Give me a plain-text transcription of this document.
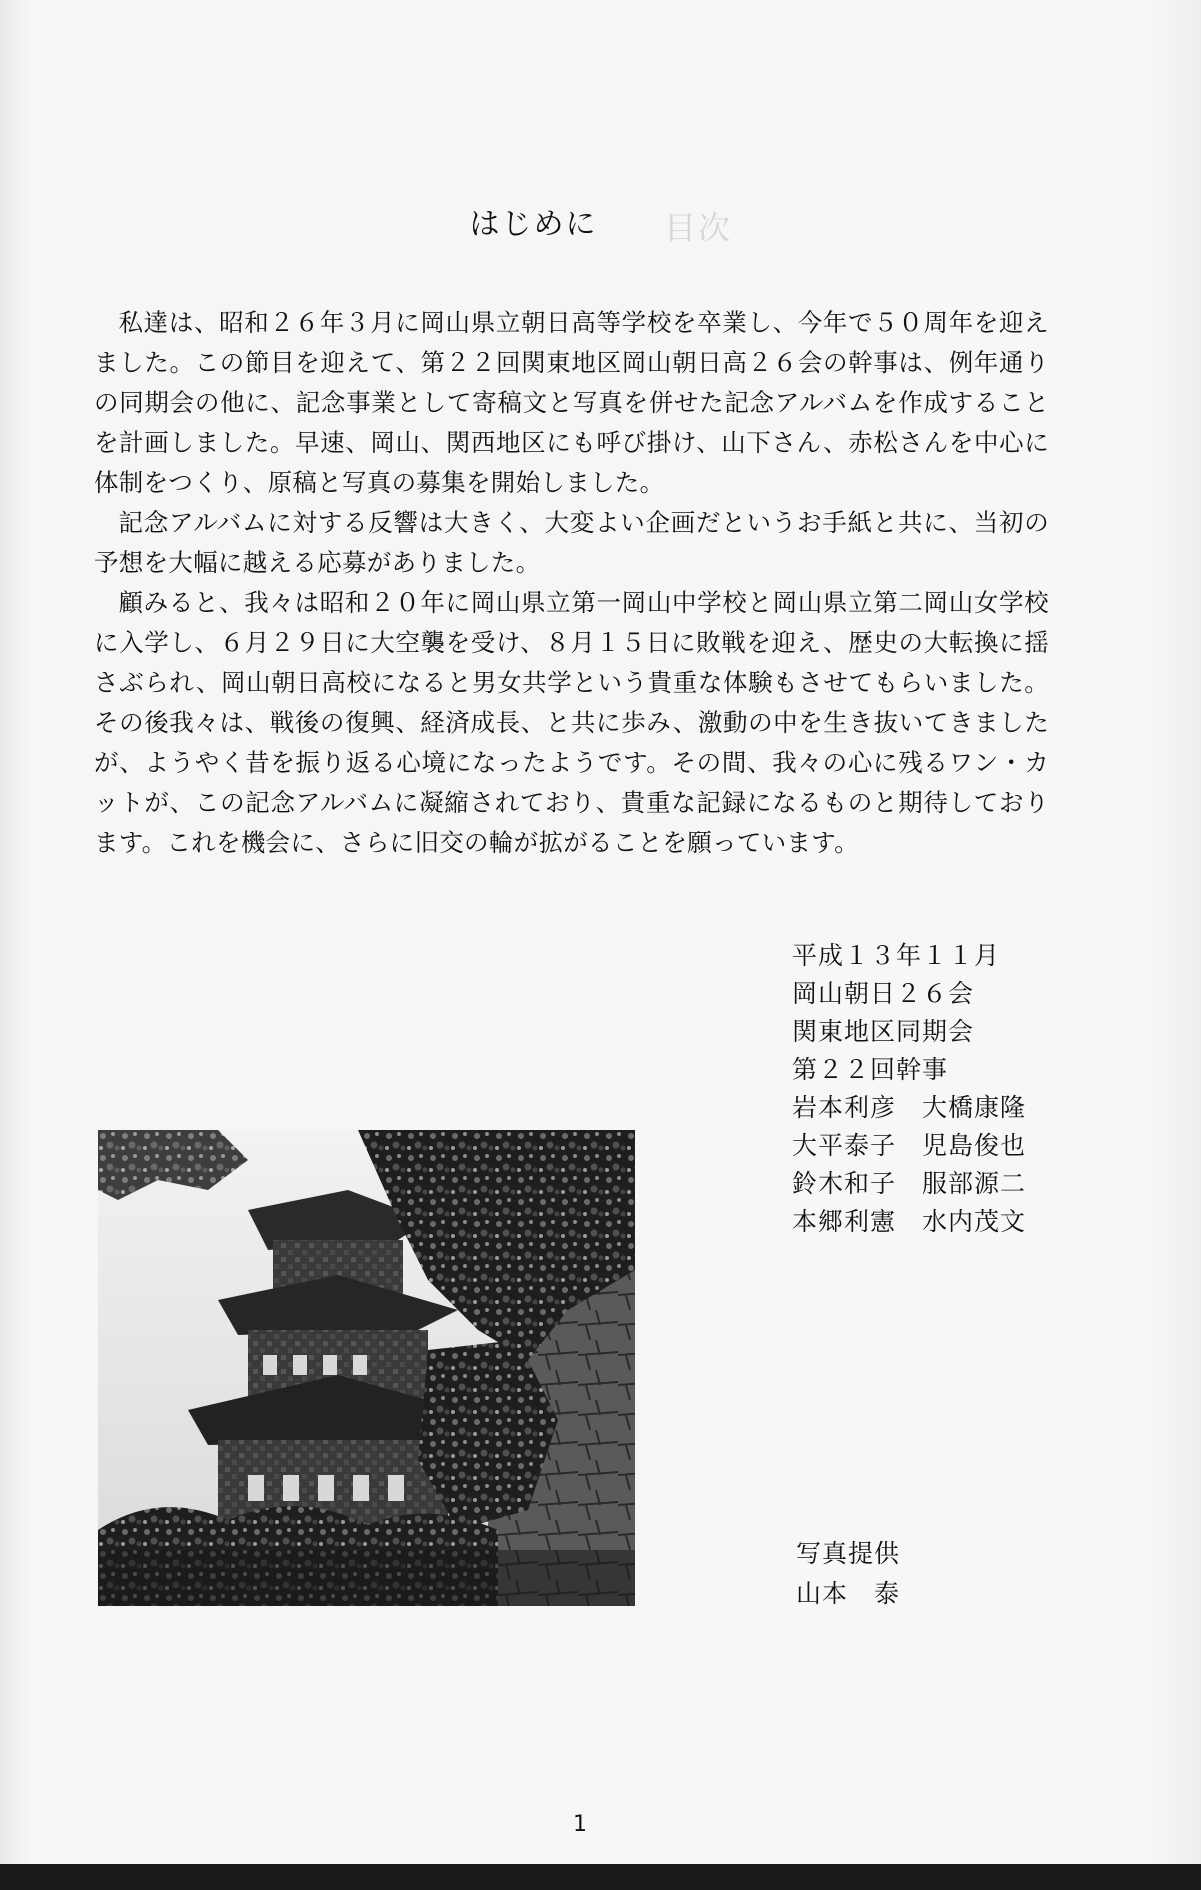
目次
はじめに

私達は、昭和２６年３月に岡山県立朝日高等学校を卒業し、今年で５０周年を迎えました。この節目を迎えて、第２２回関東地区岡山朝日高２６会の幹事は、例年通りの同期会の他に、記念事業として寄稿文と写真を併せた記念アルバムを作成することを計画しました。早速、岡山、関西地区にも呼び掛け、山下さん、赤松さんを中心に体制をつくり、原稿と写真の募集を開始しました。

記念アルバムに対する反響は大きく、大変よい企画だというお手紙と共に、当初の予想を大幅に越える応募がありました。

顧みると、我々は昭和２０年に岡山県立第一岡山中学校と岡山県立第二岡山女学校に入学し、６月２９日に大空襲を受け、８月１５日に敗戦を迎え、歴史の大転換に揺さぶられ、岡山朝日高校になると男女共学という貴重な体験もさせてもらいました。その後我々は、戦後の復興、経済成長、と共に歩み、激動の中を生き抜いてきましたが、ようやく昔を振り返る心境になったようです。その間、我々の心に残るワン・カットが、この記念アルバムに凝縮されており、貴重な記録になるものと期待しております。これを機会に、さらに旧交の輪が拡がることを願っています。

平成１３年１１月
岡山朝日２６会
関東地区同期会
第２２回幹事
岩本利彦 大橋康隆
大平泰子 児島俊也
鈴木和子 服部源二
本郷利憲 水内茂文
写真提供
山本　泰
1
